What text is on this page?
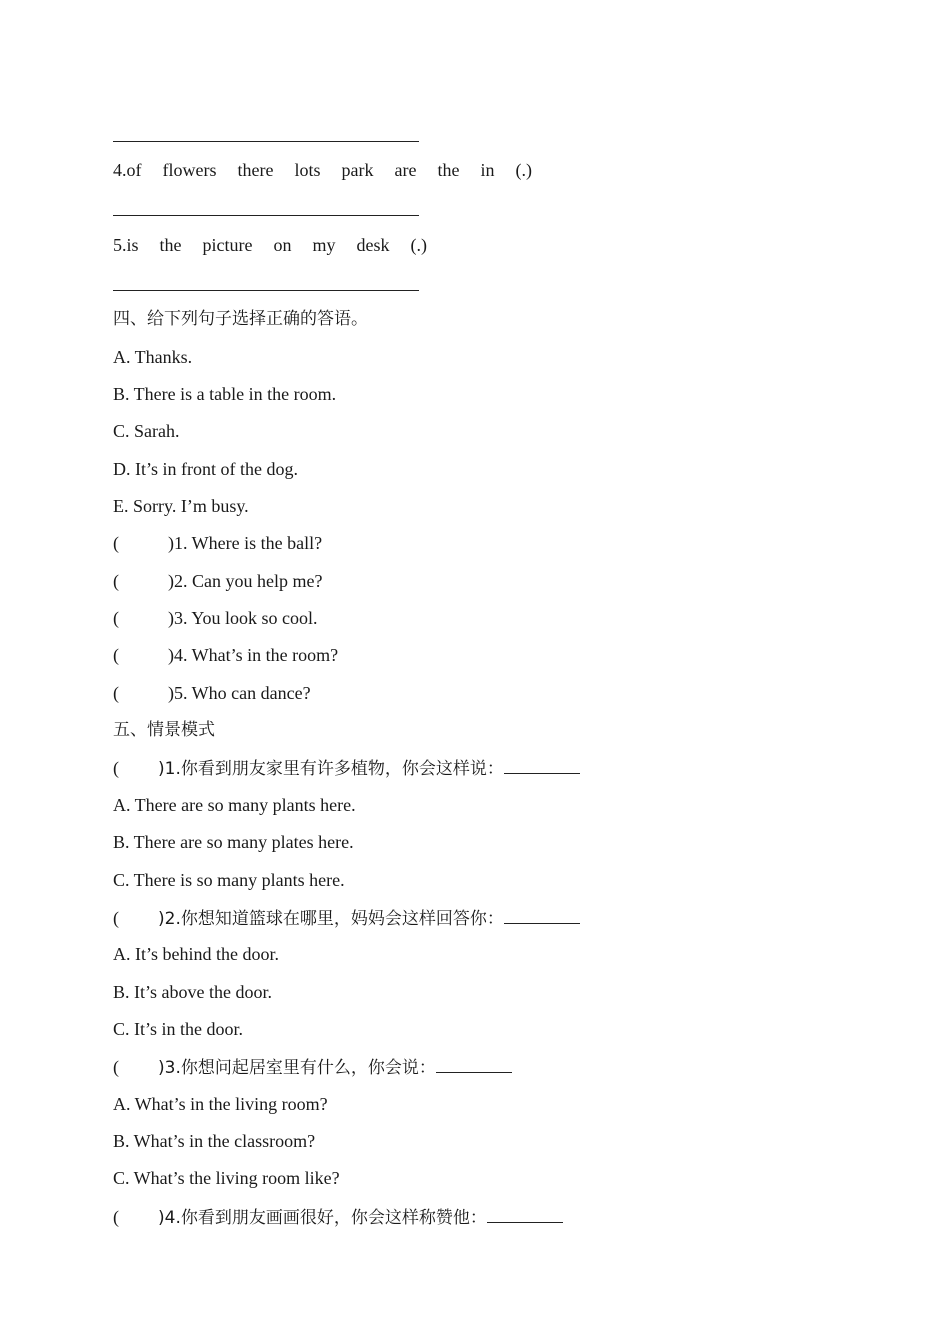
4.of flowers there lots park are the in (.)
5.is the picture on my desk (.)
四、给下列句子选择正确的答语。
A. Thanks.
B. There is a table in the room.
C. Sarah.
D. It’s in front of the dog.
E. Sorry. I’m busy.
(	)1. Where is the ball?
(	)2. Can you help me?
(	)3. You look so cool.
(	)4. What’s in the room?
(	)5. Who can dance?
五、情景模式
( )1.你看到朋友家里有许多植物，你会这样说：
A. There are so many plants here.
B. There are so many plates here.
C. There is so many plants here.
( )2.你想知道篮球在哪里，妈妈会这样回答你：
A. It’s behind the door.
B. It’s above the door.
C. It’s in the door.
( )3.你想问起居室里有什么，你会说：
A. What’s in the living room?
B. What’s in the classroom?
C. What’s the living room like?
( )4.你看到朋友画画很好，你会这样称赞他：
